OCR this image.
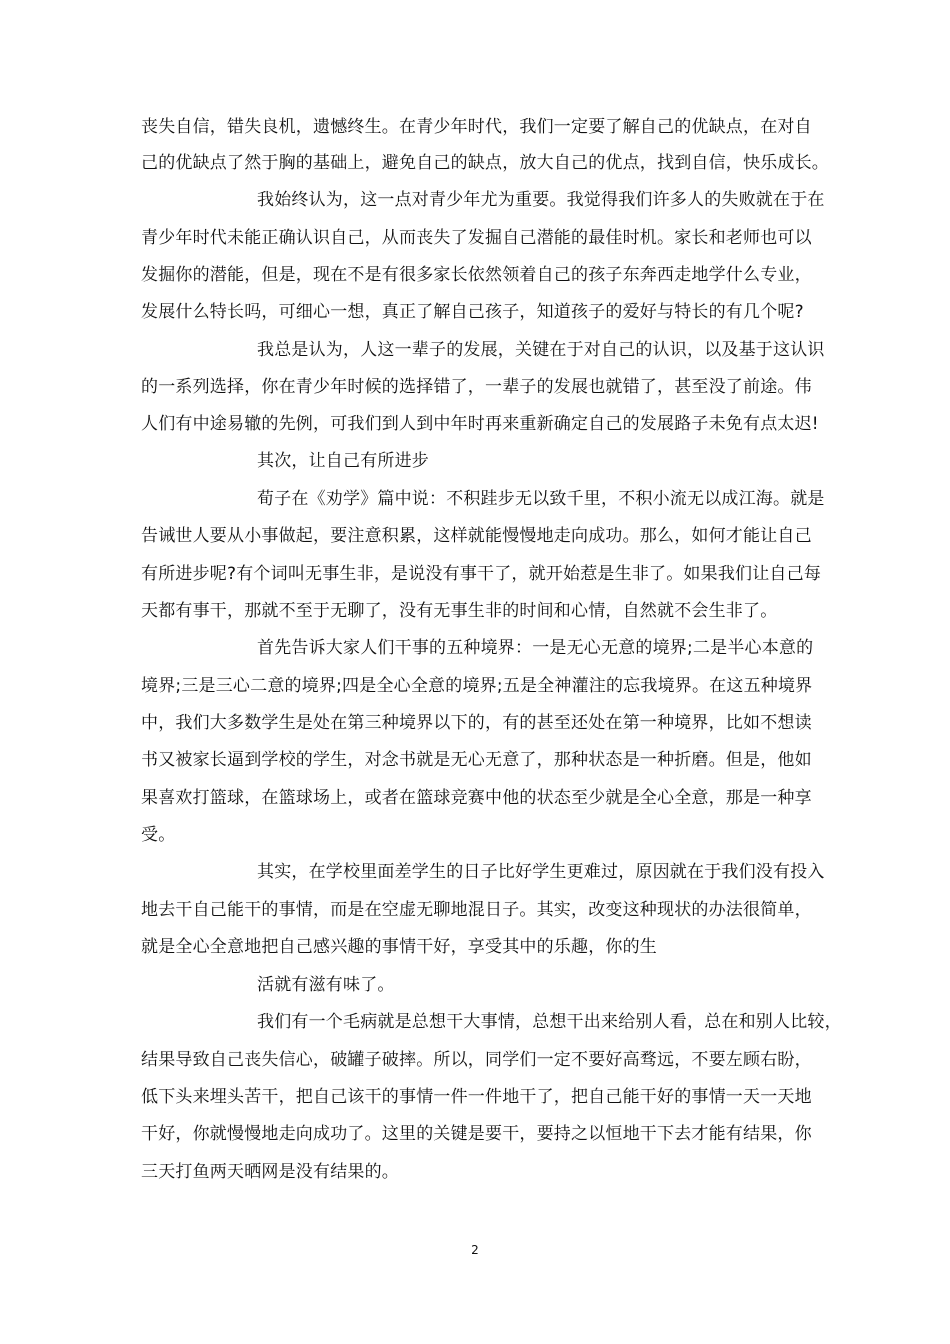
丧失自信，错失良机，遗憾终生。在青少年时代，我们一定要了解自己的优缺点，在对自
己的优缺点了然于胸的基础上，避免自己的缺点，放大自己的优点，找到自信，快乐成长。
我始终认为，这一点对青少年尤为重要。我觉得我们许多人的失败就在于在
青少年时代未能正确认识自己，从而丧失了发掘自己潜能的最佳时机。家长和老师也可以
发掘你的潜能，但是，现在不是有很多家长依然领着自己的孩子东奔西走地学什么专业，
发展什么特长吗，可细心一想，真正了解自己孩子，知道孩子的爱好与特长的有几个呢?
我总是认为，人这一辈子的发展，关键在于对自己的认识，以及基于这认识
的一系列选择，你在青少年时候的选择错了，一辈子的发展也就错了，甚至没了前途。伟
人们有中途易辙的先例，可我们到人到中年时再来重新确定自己的发展路子未免有点太迟!
其次，让自己有所进步
荀子在《劝学》篇中说：不积跬步无以致千里，不积小流无以成江海。就是
告诫世人要从小事做起，要注意积累，这样就能慢慢地走向成功。那么，如何才能让自己
有所进步呢?有个词叫无事生非，是说没有事干了，就开始惹是生非了。如果我们让自己每
天都有事干，那就不至于无聊了，没有无事生非的时间和心情，自然就不会生非了。
首先告诉大家人们干事的五种境界：一是无心无意的境界;二是半心本意的
境界;三是三心二意的境界;四是全心全意的境界;五是全神灌注的忘我境界。在这五种境界
中，我们大多数学生是处在第三种境界以下的，有的甚至还处在第一种境界，比如不想读
书又被家长逼到学校的学生，对念书就是无心无意了，那种状态是一种折磨。但是，他如
果喜欢打篮球，在篮球场上，或者在篮球竞赛中他的状态至少就是全心全意，那是一种享
受。
其实，在学校里面差学生的日子比好学生更难过，原因就在于我们没有投入
地去干自己能干的事情，而是在空虚无聊地混日子。其实，改变这种现状的办法很简单，
就是全心全意地把自己感兴趣的事情干好，享受其中的乐趣，你的生
活就有滋有味了。
我们有一个毛病就是总想干大事情，总想干出来给别人看，总在和别人比较，
结果导致自己丧失信心，破罐子破摔。所以，同学们一定不要好高骛远，不要左顾右盼，
低下头来埋头苦干，把自己该干的事情一件一件地干了，把自己能干好的事情一天一天地
干好，你就慢慢地走向成功了。这里的关键是要干，要持之以恒地干下去才能有结果，你
三天打鱼两天晒网是没有结果的。
2
